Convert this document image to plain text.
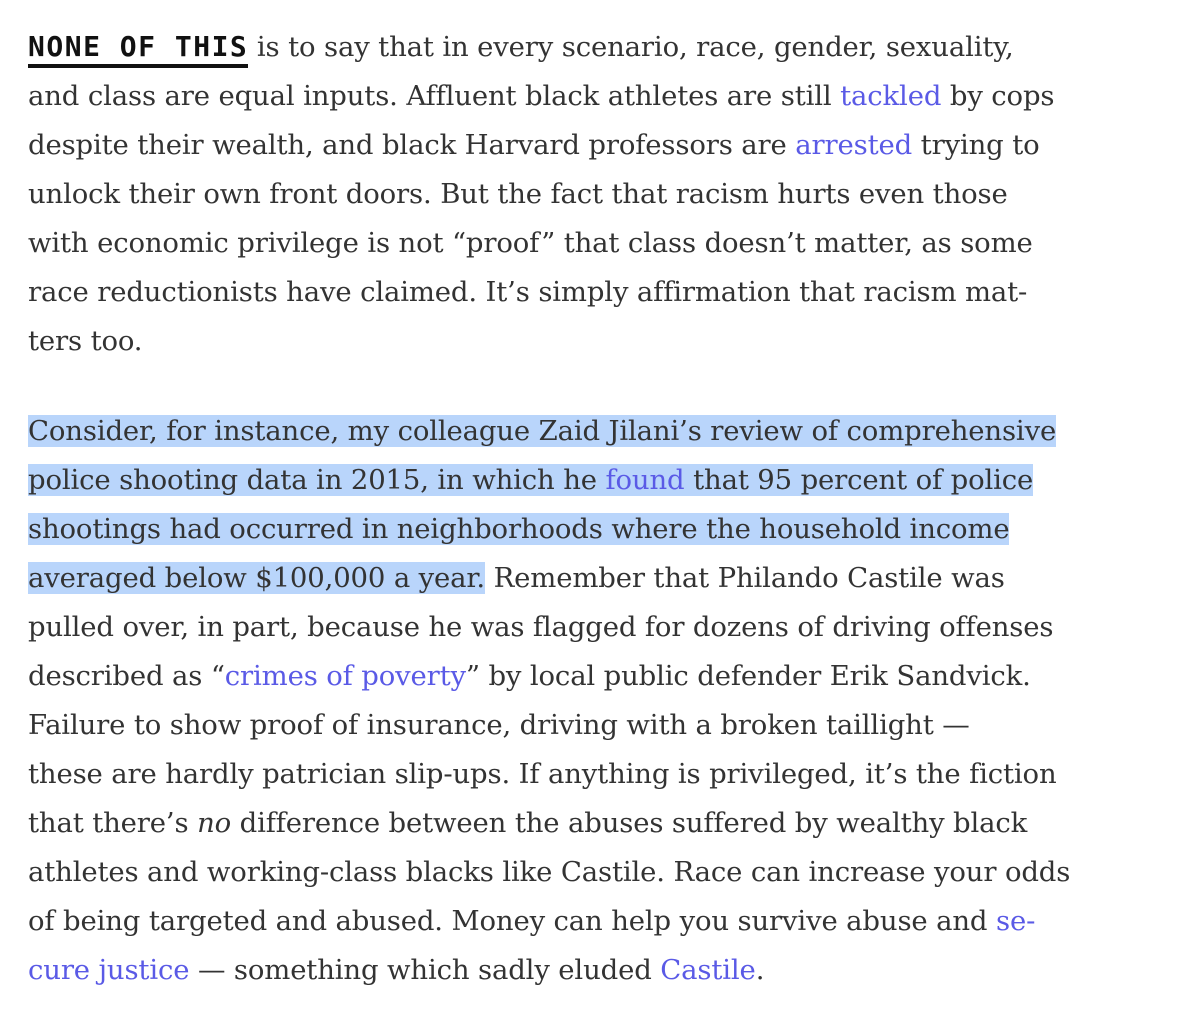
NONE OF THIS is to say that in every scenario, race, gender, sexuality,
and class are equal inputs. Affluent black athletes are still tackled by cops
despite their wealth, and black Harvard professors are arrested trying to
unlock their own front doors. But the fact that racism hurts even those
with economic privilege is not “proof” that class doesn’t matter, as some
race reductionists have claimed. It’s simply affirmation that racism mat-
ters too.

Consider, for instance, my colleague Zaid Jilani’s review of comprehensive
police shooting data in 2015, in which he found that 95 percent of police
shootings had occurred in neighborhoods where the household income
averaged below $100,000 a year. Remember that Philando Castile was
pulled over, in part, because he was flagged for dozens of driving offenses
described as “crimes of poverty” by local public defender Erik Sandvick.
Failure to show proof of insurance, driving with a broken taillight —
these are hardly patrician slip-ups. If anything is privileged, it’s the fiction
that there’s no difference between the abuses suffered by wealthy black
athletes and working-class blacks like Castile. Race can increase your odds
of being targeted and abused. Money can help you survive abuse and se-
cure justice — something which sadly eluded Castile.
